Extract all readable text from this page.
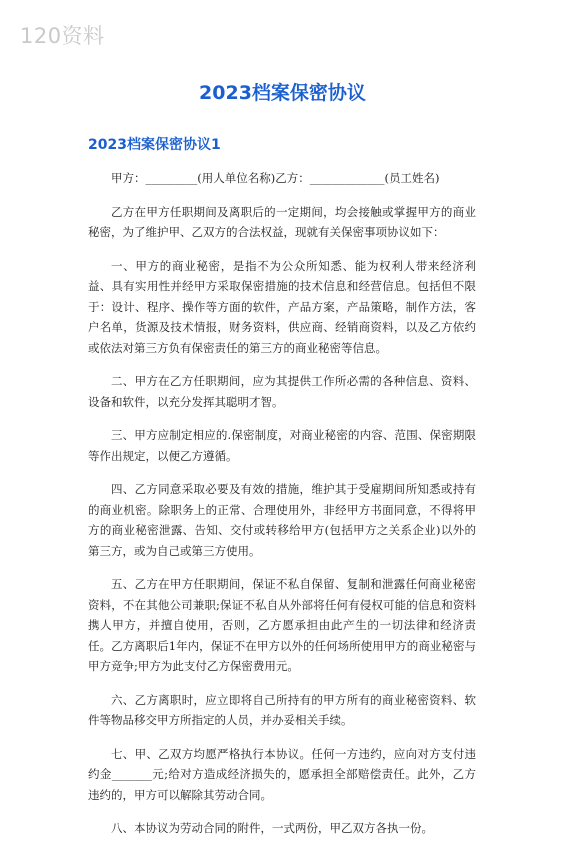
120资料
2023档案保密协议
2023档案保密协议1

甲方：_________(用人单位名称)乙方：_____________(员工姓名)

乙方在甲方任职期间及离职后的一定期间，均会接触或掌握甲方的商业秘密，为了维护甲、乙双方的合法权益，现就有关保密事项协议如下：

一、甲方的商业秘密，是指不为公众所知悉、能为权利人带来经济利益、具有实用性并经甲方采取保密措施的技术信息和经营信息。包括但不限于：设计、程序、操作等方面的软件，产品方案，产品策略，制作方法，客户名单，货源及技术情报，财务资料，供应商、经销商资料，以及乙方依约或依法对第三方负有保密责任的第三方的商业秘密等信息。

二、甲方在乙方任职期间，应为其提供工作所必需的各种信息、资料、设备和软件，以充分发挥其聪明才智。

三、甲方应制定相应的.保密制度，对商业秘密的内容、范围、保密期限等作出规定，以便乙方遵循。

四、乙方同意采取必要及有效的措施，维护其于受雇期间所知悉或持有的商业机密。除职务上的正常、合理使用外，非经甲方书面同意，不得将甲方的商业秘密泄露、告知、交付或转移给甲方(包括甲方之关系企业)以外的第三方，或为自己或第三方使用。

五、乙方在甲方任职期间，保证不私自保留、复制和泄露任何商业秘密资料，不在其他公司兼职;保证不私自从外部将任何有侵权可能的信息和资料携人甲方，并擅自使用，否则，乙方愿承担由此产生的一切法律和经济责任。乙方离职后1年内，保证不在甲方以外的任何场所使用甲方的商业秘密与甲方竞争;甲方为此支付乙方保密费用元。

六、乙方离职时，应立即将自己所持有的甲方所有的商业秘密资料、软件等物品移交甲方所指定的人员，并办妥相关手续。

七、甲、乙双方均愿严格执行本协议。任何一方违约，应向对方支付违约金_______元;给对方造成经济损失的，愿承担全部赔偿责任。此外，乙方违约的，甲方可以解除其劳动合同。

八、本协议为劳动合同的附件，一式两份，甲乙双方各执一份。
